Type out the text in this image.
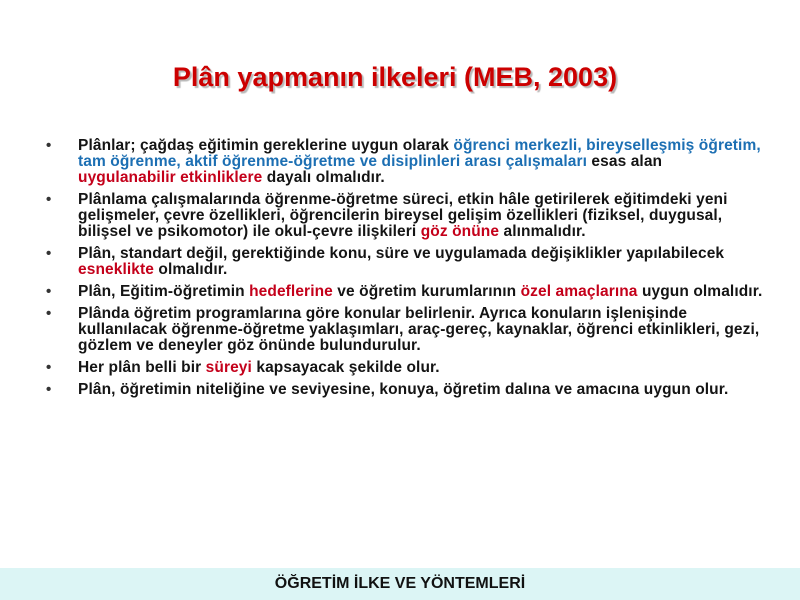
Plân yapmanın ilkeleri (MEB, 2003)
• Plânlar; çağdaş eğitimin gereklerine uygun olarak öğrenci merkezli, bireyselleşmiş öğretim, tam öğrenme, aktif öğrenme-öğretme ve disiplinleri arası çalışmaları esas alan uygulanabilir etkinliklere dayalı olmalıdır.
• Plânlama çalışmalarında öğrenme-öğretme süreci, etkin hâle getirilerek eğitimdeki yeni gelişmeler, çevre özellikleri, öğrencilerin bireysel gelişim özellikleri (fiziksel, duygusal, bilişsel ve psikomotor) ile okul-çevre ilişkileri göz önüne alınmalıdır.
• Plân, standart değil, gerektiğinde konu, süre ve uygulamada değişiklikler yapılabilecek esneklikte olmalıdır.
• Plân, Eğitim-öğretimin hedeflerine ve öğretim kurumlarının özel amaçlarına uygun olmalıdır.
• Plânda öğretim programlarına göre konular belirlenir. Ayrıca konuların işlenişinde kullanılacak öğrenme-öğretme yaklaşımları, araç-gereç, kaynaklar, öğrenci etkinlikleri, gezi, gözlem ve deneyler göz önünde bulundurulur.
• Her plân belli bir süreyi kapsayacak şekilde olur.
• Plân, öğretimin niteliğine ve seviyesine, konuya, öğretim dalına ve amacına uygun olur.
ÖĞRETİM İLKE VE YÖNTEMLERİ
